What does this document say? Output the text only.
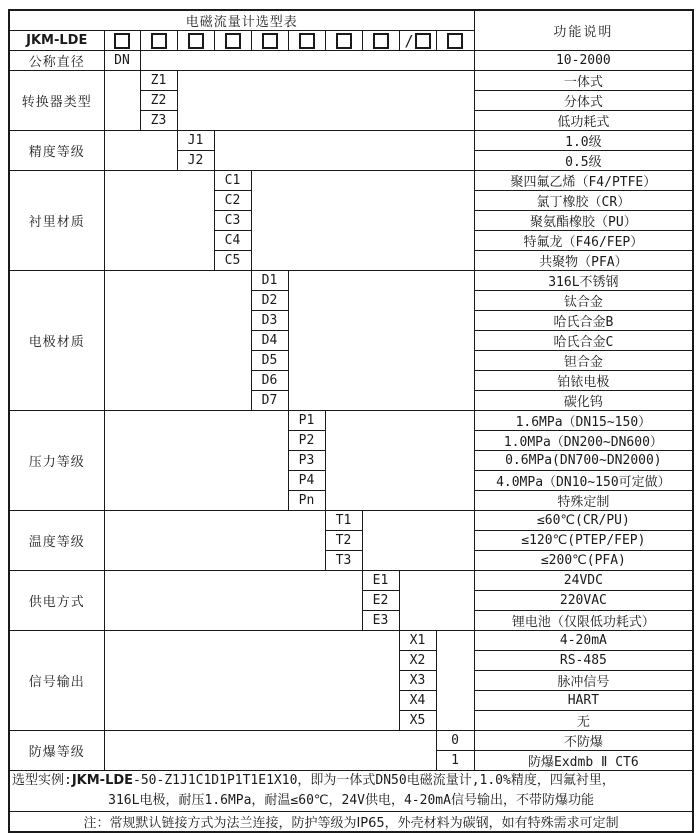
电磁流量计选型表											功能说明
JKM-LDE									/		
公称直径	DN										10-2000
转换器类型		Z1									一体式
		Z2									分体式
		Z3									低功耗式
精度等级			J1								1.0级
			J2								0.5级
衬里材质				C1							聚四氟乙烯（F4/PTFE）
				C2							氯丁橡胶（CR）
				C3							聚氨酯橡胶（PU）
				C4							特氟龙（F46/FEP）
				C5							共聚物（PFA）
电极材质					D1						316L不锈钢
					D2						钛合金
					D3						哈氏合金B
					D4						哈氏合金C
					D5						钽合金
					D6						铂铱电极
					D7						碳化钨
压力等级						P1					1.6MPa（DN15~150）
						P2					1.0MPa（DN200~DN600）
						P3					0.6MPa(DN700~DN2000)
						P4					4.0MPa（DN10~150可定做）
						Pn					特殊定制
温度等级							T1				≤60℃(CR/PU)
							T2				≤120℃(PTEP/FEP)
							T3				≤200℃(PFA)
供电方式								E1			24VDC
								E2			220VAC
								E3			锂电池（仅限低功耗式）
信号输出									X1		4-20mA
									X2		RS-485
									X3		脉冲信号
									X4		HART
									X5		无
防爆等级										0	不防爆
										1	防爆Exdmb Ⅱ CT6

选型实例:JKM-LDE-50-Z1J1C1D1P1T1E1X10，即为一体式DN50电磁流量计,1.0%精度，四氟衬里，
316L电极，耐压1.6MPa，耐温≤60℃，24V供电，4-20mA信号输出，不带防爆功能											

注：常规默认链接方式为法兰连接，防护等级为IP65，外壳材料为碳钢，如有特殊需求可定制											
